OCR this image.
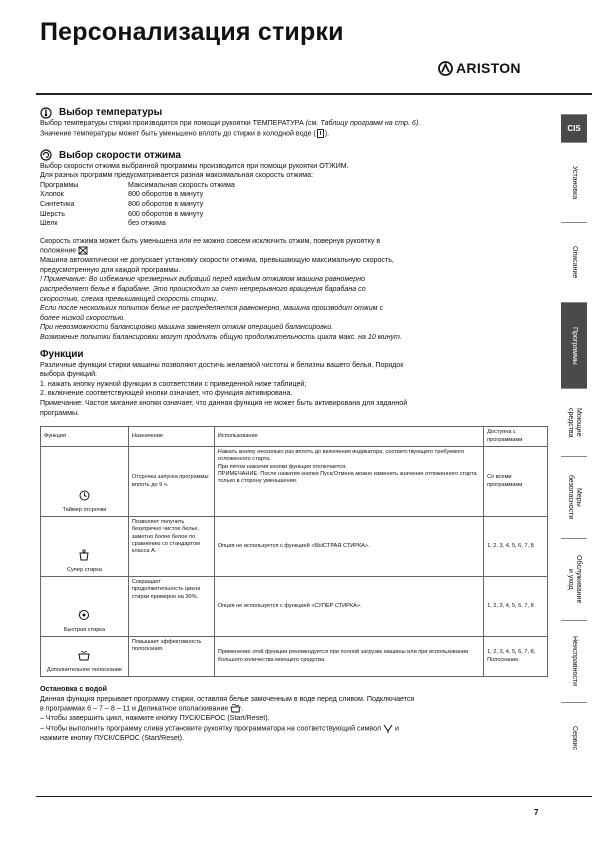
Персонализация стирки
ARISTON
Выбор температуры
Выбор температуры стирки производится при помощи рукоятки ТЕМПЕРАТУРА (см. Таблицу программ на стр. 6).
Значение температуры может быть уменьшено вплоть до стирки в холодной воде ( ).
Выбор скорости отжима
Выбор скорости отжима выбранной программы производится при помощи рукоятки ОТЖИМ.
Для разных программ предусматривается разная максимальная скорость отжима:
Программы	Максимальная скорость отжима
Хлопок	800 оборотов в минуту
Синтетика	800 оборотов в минуту
Шерсть	600 оборотов в минуту
Шелк	без отжима
Скорость отжима может быть уменьшена или ее можно совсем исключить отжим, повернув рукоятку в
положение
Машина автоматически не допускает установку скорости отжима, превышающую максимальную скорость,
предусмотренную для каждой программы.
! Примечание: Во избежание чрезмерных вибраций перед каждым отжимом машина равномерно
распределяет белье в барабане. Это происходит за счет непрерывного вращения барабана со
скоростью, слегка превышающей скорость стирки.
Если после нескольких попыток белье не распределяется равномерно, машина производит отжим с
более низкой скоростью.
При невозможности балансировки машина заменяет отжим операцией балансировки.
Возможные попытки балансировки могут продлить общую продолжительность цикла макс. на 10 минут.
Функции
Различные функции стирки машины позволяют достичь желаемой чистоты и белизны вашего белья. Порядок
выбора функций:
1. нажать кнопку нужной функции в соответствии с приведенной ниже таблицей;
2. включение соответствующей кнопки означает, что функция активирована.
Примечание: Частое мигание кнопки означает, что данная функция не может быть активирована для заданной
программы.
Функция	Назначение	Использование	Доступна с программами

Таймер отсрочки	Отсрочка запуска программы вплоть до 9 ч.	Нажать кнопку несколько раз вплоть до включения индикатора, соответствующего требуемого отложенного старта.
При пятом нажатии кнопки функция отключается.
ПРИМЕЧАНИЕ: После нажатия кнопки Пуск/Отмена можно изменить значение отложенного старта только в сторону уменьшения.	Со всеми программами

Супер стирка	Позволяет получить безупречно чистое белье, заметно более белое по сравнению со стандартом класса А.	Опция не используется с функцией «БЫСТРАЯ СТИРКА».	1, 2, 3, 4, 5, 6, 7, 8

Быстрая стирка	Сокращает продолжительность цикла стирки примерно на 30%.	Опция не используется с функцией «СУПЕР СТИРКА».	1, 2, 3, 4, 5, 6, 7, 8

Дополнительное полоскание	Повышает эффективность полоскания.	Применение этой функции рекомендуется при полной загрузке машины или при использовании большого количества моющего средства.	1, 2, 3, 4, 5, 6, 7, 8, Полоскание.
Остановка с водой
Данная функция прерывает программу стирки, оставляя белье замоченным в воде перед сливом. Подключается
в программах 6 – 7 – 8 – 11 и Деликатное ополаскивание .
– Чтобы завершить цикл, нажмите кнопку ПУСК/СБРОС (Start/Reset).
– Чтобы выполнить программу слива установите рукоятку программатора на соответствующий символ  и
нажмите кнопку ПУСК/СБРОС (Start/Reset).
CIS
Установка
Описание
Программы
Моющие
средства
Меры
безопасности
Обслуживание
и уход
Неисправности
Сервис
7
